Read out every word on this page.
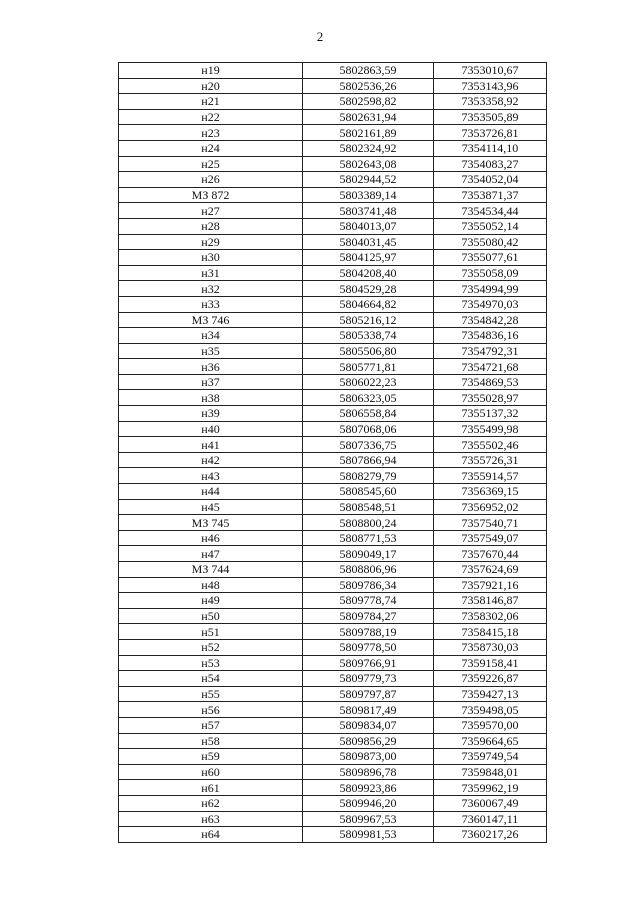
2
н19	5802863,59	7353010,67
н20	5802536,26	7353143,96
н21	5802598,82	7353358,92
н22	5802631,94	7353505,89
н23	5802161,89	7353726,81
н24	5802324,92	7354114,10
н25	5802643,08	7354083,27
н26	5802944,52	7354052,04
МЗ 872	5803389,14	7353871,37
н27	5803741,48	7354534,44
н28	5804013,07	7355052,14
н29	5804031,45	7355080,42
н30	5804125,97	7355077,61
н31	5804208,40	7355058,09
н32	5804529,28	7354994,99
н33	5804664,82	7354970,03
МЗ 746	5805216,12	7354842,28
н34	5805338,74	7354836,16
н35	5805506,80	7354792,31
н36	5805771,81	7354721,68
н37	5806022,23	7354869,53
н38	5806323,05	7355028,97
н39	5806558,84	7355137,32
н40	5807068,06	7355499,98
н41	5807336,75	7355502,46
н42	5807866,94	7355726,31
н43	5808279,79	7355914,57
н44	5808545,60	7356369,15
н45	5808548,51	7356952,02
МЗ 745	5808800,24	7357540,71
н46	5808771,53	7357549,07
н47	5809049,17	7357670,44
МЗ 744	5808806,96	7357624,69
н48	5809786,34	7357921,16
н49	5809778,74	7358146,87
н50	5809784,27	7358302,06
н51	5809788,19	7358415,18
н52	5809778,50	7358730,03
н53	5809766,91	7359158,41
н54	5809779,73	7359226,87
н55	5809797,87	7359427,13
н56	5809817,49	7359498,05
н57	5809834,07	7359570,00
н58	5809856,29	7359664,65
н59	5809873,00	7359749,54
н60	5809896,78	7359848,01
н61	5809923,86	7359962,19
н62	5809946,20	7360067,49
н63	5809967,53	7360147,11
н64	5809981,53	7360217,26
